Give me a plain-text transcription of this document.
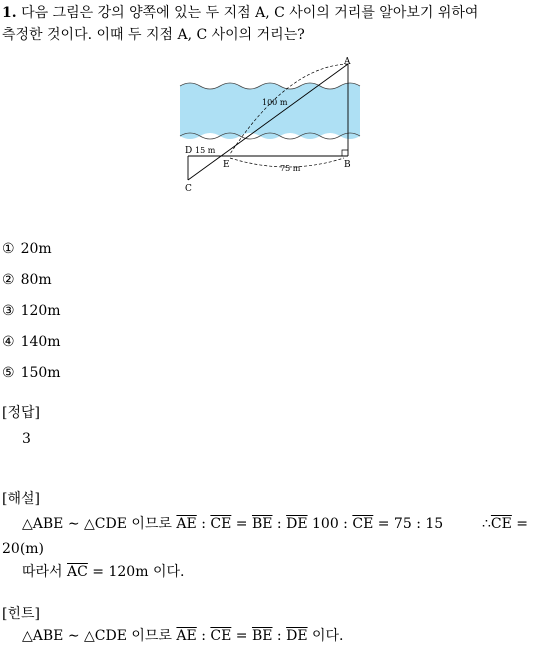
1. 다음 그림은 강의 양쪽에 있는 두 지점 A, C 사이의 거리를 알아보기 위하여
측정한 것이다. 이때 두 지점 A, C 사이의 거리는?
A
B
C
D
E
100 m
15 m
75 m
① 20m
② 80m
③ 120m
④ 140m
⑤ 150m
[정답]
3
[해설]
△ABE ∼ △CDE 이므로 $\overline{AE}$ : $\overline{CE} = \overline{BE}$ : $\overline{DE}$ 100 : $\overline{CE} = 75$ : 15	$\therefore\overline{CE}$ =
20(m)
따라서 $\overline{AC} = 120m$ 이다.
[힌트]
△ABE ∼ △CDE 이므로 $\overline{AE}$ : $\overline{CE} = \overline{BE}$ : $\overline{DE}$ 이다.
